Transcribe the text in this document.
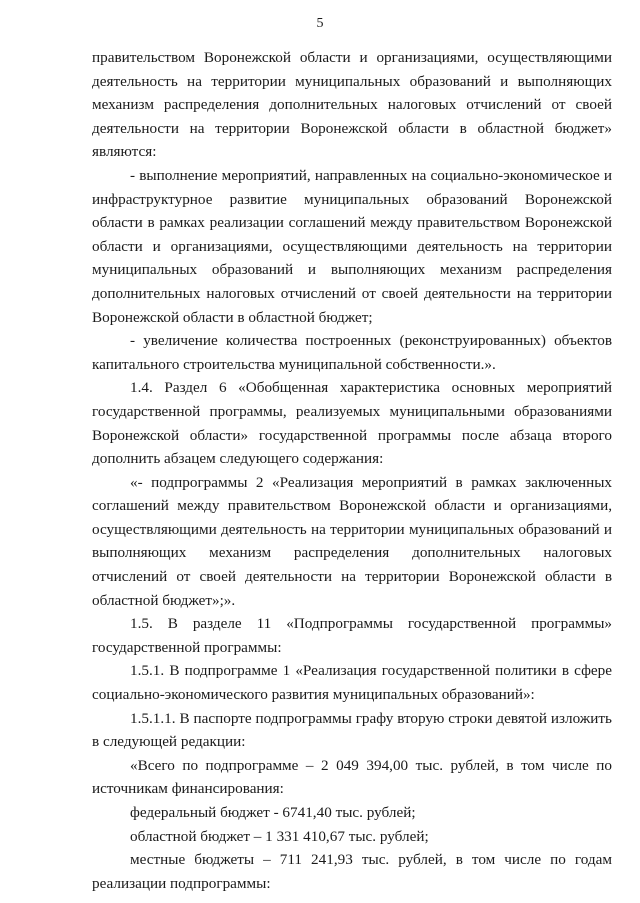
5

правительством Воронежской области и организациями, осуществляющими деятельность на территории муниципальных образований и выполняющих механизм распределения дополнительных налоговых отчислений от своей деятельности на территории Воронежской области в областной бюджет» являются:

- выполнение мероприятий, направленных на социально-экономическое и инфраструктурное развитие муниципальных образований Воронежской области в рамках реализации соглашений между правительством Воронежской области и организациями, осуществляющими деятельность на территории муниципальных образований и выполняющих механизм распределения дополнительных налоговых отчислений от своей деятельности на территории Воронежской области в областной бюджет;

- увеличение количества построенных (реконструированных) объектов капитального строительства муниципальной собственности.».

1.4. Раздел 6 «Обобщенная характеристика основных мероприятий государственной программы, реализуемых муниципальными образованиями Воронежской области» государственной программы после абзаца второго дополнить абзацем следующего содержания:

«- подпрограммы 2 «Реализация мероприятий в рамках заключенных соглашений между правительством Воронежской области и организациями, осуществляющими деятельность на территории муниципальных образований и выполняющих механизм распределения дополнительных налоговых отчислений от своей деятельности на территории Воронежской области в областной бюджет»;».

1.5. В разделе 11 «Подпрограммы государственной программы» государственной программы:

1.5.1. В подпрограмме 1 «Реализация государственной политики в сфере социально-экономического развития муниципальных образований»:

1.5.1.1. В паспорте подпрограммы графу вторую строки девятой изложить в следующей редакции:

«Всего по подпрограмме – 2 049 394,00 тыс. рублей, в том числе по источникам финансирования:

федеральный бюджет - 6741,40 тыс. рублей;

областной бюджет – 1 331 410,67 тыс. рублей;

местные бюджеты – 711 241,93 тыс. рублей, в том числе по годам реализации подпрограммы:
